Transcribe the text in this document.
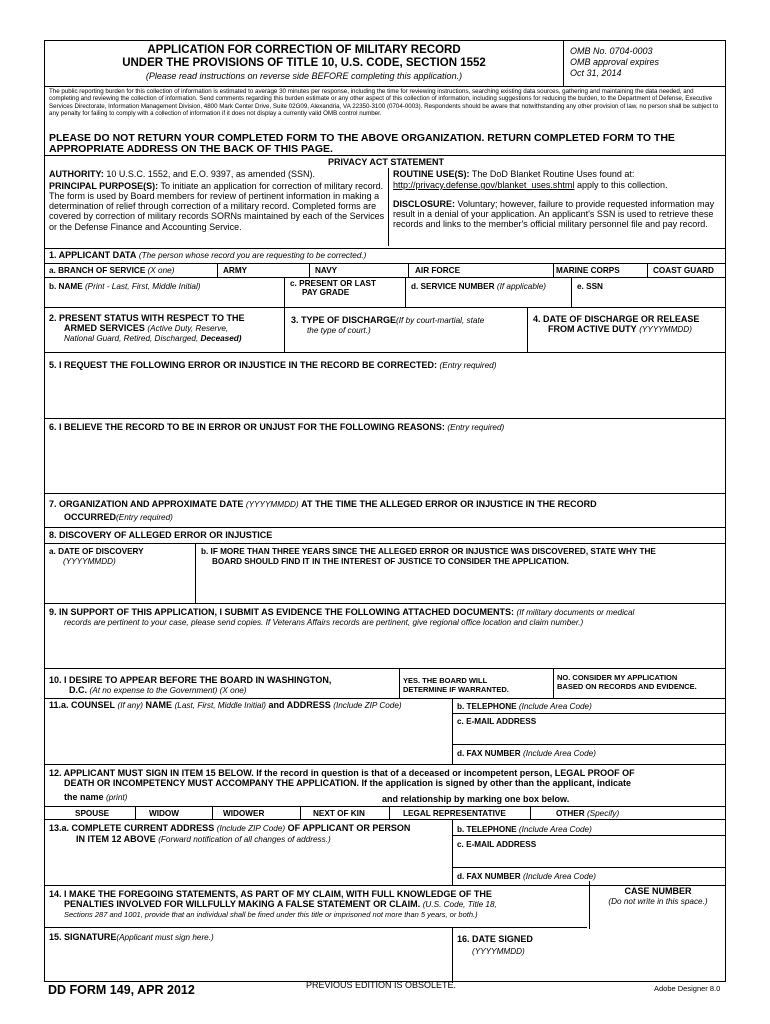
APPLICATION FOR CORRECTION OF MILITARY RECORD
UNDER THE PROVISIONS OF TITLE 10, U.S. CODE, SECTION 1552
(Please read instructions on reverse side BEFORE completing this application.)
OMB No. 0704-0003
OMB approval expires
Oct 31, 2014
The public reporting burden for this collection of information is estimated to average 30 minutes per response, including the time for reviewing instructions, searching existing data sources, gathering and maintaining the data needed, and completing and reviewing the collection of information. Send comments regarding this burden estimate or any other aspect of this collection of information, including suggestions for reducing the burden, to the Department of Defense, Executive Services Directorate, Information Management Division, 4800 Mark Center Drive, Suite 02G09, Alexandria, VA 22350-3100 (0704-0003). Respondents should be aware that notwithstanding any other provision of law, no person shall be subject to any penalty for failing to comply with a collection of information if it does not display a currently valid OMB control number.
PLEASE DO NOT RETURN YOUR COMPLETED FORM TO THE ABOVE ORGANIZATION. RETURN COMPLETED FORM TO THE
APPROPRIATE ADDRESS ON THE BACK OF THIS PAGE.
PRIVACY ACT STATEMENT
AUTHORITY: 10 U.S.C. 1552, and E.O. 9397, as amended (SSN).
PRINCIPAL PURPOSE(S): To initiate an application for correction of military record. The form is used by Board members for review of pertinent information in making a determination of relief through correction of a military record. Completed forms are covered by correction of military records SORNs maintained by each of the Services or the Defense Finance and Accounting Service.
ROUTINE USE(S): The DoD Blanket Routine Uses found at:
http://privacy.defense.gov/blanket_uses.shtml apply to this collection.
DISCLOSURE: Voluntary; however, failure to provide requested information may result in a denial of your application. An applicant's SSN is used to retrieve these records and links to the member's official military personnel file and pay record.
1. APPLICANT DATA (The person whose record you are requesting to be corrected.)
a. BRANCH OF SERVICE (X one)	ARMY	NAVY	AIR FORCE	MARINE CORPS	COAST GUARD
b. NAME (Print - Last, First, Middle Initial)	c. PRESENT OR LAST
PAY GRADE
d. SERVICE NUMBER (If applicable)	e. SSN
2. PRESENT STATUS WITH RESPECT TO THE
ARMED SERVICES (Active Duty, Reserve,
National Guard, Retired, Discharged, Deceased)
3. TYPE OF DISCHARGE(If by court-martial, state
the type of court.)
4. DATE OF DISCHARGE OR RELEASE
FROM ACTIVE DUTY (YYYYMMDD)
5. I REQUEST THE FOLLOWING ERROR OR INJUSTICE IN THE RECORD BE CORRECTED: (Entry required)
6. I BELIEVE THE RECORD TO BE IN ERROR OR UNJUST FOR THE FOLLOWING REASONS: (Entry required)
7. ORGANIZATION AND APPROXIMATE DATE (YYYYMMDD) AT THE TIME THE ALLEGED ERROR OR INJUSTICE IN THE RECORD
OCCURRED(Entry required)
8. DISCOVERY OF ALLEGED ERROR OR INJUSTICE
a. DATE OF DISCOVERY
(YYYYMMDD)
b. IF MORE THAN THREE YEARS SINCE THE ALLEGED ERROR OR INJUSTICE WAS DISCOVERED, STATE WHY THE
BOARD SHOULD FIND IT IN THE INTEREST OF JUSTICE TO CONSIDER THE APPLICATION.
9. IN SUPPORT OF THIS APPLICATION, I SUBMIT AS EVIDENCE THE FOLLOWING ATTACHED DOCUMENTS: (If military documents or medical
records are pertinent to your case, please send copies. If Veterans Affairs records are pertinent, give regional office location and claim number.)
10. I DESIRE TO APPEAR BEFORE THE BOARD IN WASHINGTON,
D.C. (At no expense to the Government) (X one)
YES. THE BOARD WILL
DETERMINE IF WARRANTED.
NO. CONSIDER MY APPLICATION
BASED ON RECORDS AND EVIDENCE.
11.a. COUNSEL (If any) NAME (Last, First, Middle Initial) and ADDRESS (Include ZIP Code)	b. TELEPHONE (Include Area Code)
c. E-MAIL ADDRESS
d. FAX NUMBER (Include Area Code)
12. APPLICANT MUST SIGN IN ITEM 15 BELOW. If the record in question is that of a deceased or incompetent person, LEGAL PROOF OF
DEATH OR INCOMPETENCY MUST ACCOMPANY THE APPLICATION. If the application is signed by other than the applicant, indicate
the name (print)	and relationship by marking one box below.
SPOUSE	WIDOW	WIDOWER	NEXT OF KIN	LEGAL REPRESENTATIVE	OTHER (Specify)
13.a. COMPLETE CURRENT ADDRESS (Include ZIP Code) OF APPLICANT OR PERSON
IN ITEM 12 ABOVE (Forward notification of all changes of address.)
b. TELEPHONE (Include Area Code)
c. E-MAIL ADDRESS
d. FAX NUMBER (Include Area Code)
14. I MAKE THE FOREGOING STATEMENTS, AS PART OF MY CLAIM, WITH FULL KNOWLEDGE OF THE
PENALTIES INVOLVED FOR WILLFULLY MAKING A FALSE STATEMENT OR CLAIM. (U.S. Code, Title 18,
Sections 287 and 1001, provide that an individual shall be fined under this title or imprisoned not more than 5 years, or both.)
CASE NUMBER
(Do not write in this space.)
15. SIGNATURE(Applicant must sign here.)	16. DATE SIGNED
(YYYYMMDD)
DD FORM 149, APR 2012	PREVIOUS EDITION IS OBSOLETE.	Adobe Designer 8.0
